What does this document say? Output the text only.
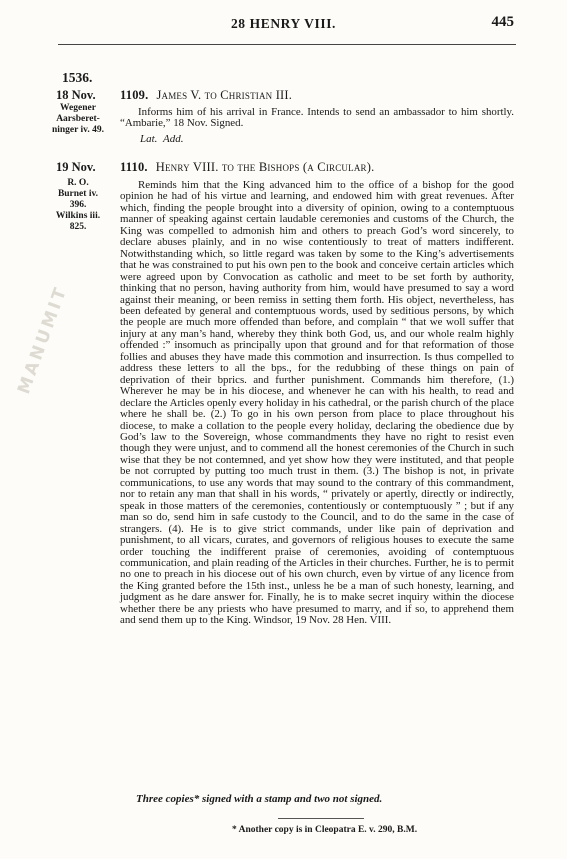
28 HENRY VIII.	445
1536.
18 Nov.
Wegener
Aarsberet-
ninger iv. 49.
1109. James V. to Christian III.

Informs him of his arrival in France. Intends to send an ambassador to him shortly. “Ambarie,” 18 Nov. Signed.

Lat. Add.
19 Nov.
R. O.
Burnet iv.
396.
Wilkins iii.
825.
1110. Henry VIII. to the Bishops (a Circular).

Reminds him that the King advanced him to the office of a bishop for the good opinion he had of his virtue and learning, and endowed him with great revenues. After which, finding the people brought into a diversity of opinion, owing to a contemptuous manner of speaking against certain laudable ceremonies and customs of the Church, the King was compelled to admonish him and others to preach God’s word sincerely, to declare abuses plainly, and in no wise contentiously to treat of matters indifferent. Notwithstanding which, so little regard was taken by some to the King’s advertisements that he was constrained to put his own pen to the book and conceive certain articles which were agreed upon by Convocation as catholic and meet to be set forth by authority, thinking that no person, having authority from him, would have presumed to say a word against their meaning, or been remiss in setting them forth. His object, nevertheless, has been defeated by general and contemptuous words, used by seditious persons, by which the people are much more offended than before, and complain “ that we woll suffer that injury at any man’s hand, whereby they think both God, us, and our whole realm highly offended :” insomuch as principally upon that ground and for that reformation of those follies and abuses they have made this commotion and insurrection. Is thus compelled to address these letters to all the bps., for the redubbing of these things on pain of deprivation of their bprics. and further punishment. Commands him therefore, (1.) Wherever he may be in his diocese, and whenever he can with his health, to read and declare the Articles openly every holiday in his cathedral, or the parish church of the place where he shall be. (2.) To go in his own person from place to place throughout his diocese, to make a collation to the people every holiday, declaring the obedience due by God’s law to the Sovereign, whose commandments they have no right to resist even though they were unjust, and to commend all the honest ceremonies of the Church in such wise that they be not contemned, and yet show how they were instituted, and that people be not corrupted by putting too much trust in them. (3.) The bishop is not, in private communications, to use any words that may sound to the contrary of this commandment, nor to retain any man that shall in his words, “ privately or apertly, directly or indirectly, speak in those matters of the ceremonies, contentiously or contemptuously ” ; but if any man so do, send him in safe custody to the Council, and to do the same in the case of strangers. (4). He is to give strict commands, under like pain of deprivation and punishment, to all vicars, curates, and governors of religious houses to execute the same order touching the indifferent praise of ceremonies, avoiding of contemptuous communication, and plain reading of the Articles in their churches. Further, he is to permit no one to preach in his diocese out of his own church, even by virtue of any licence from the King granted before the 15th inst., unless he be a man of such honesty, learning, and judgment as he dare answer for. Finally, he is to make secret inquiry within the diocese whether there be any priests who have presumed to marry, and if so, to apprehend them and send them up to the King. Windsor, 19 Nov. 28 Hen. VIII.

Three copies* signed with a stamp and two not signed.
* Another copy is in Cleopatra E. v. 290, B.M.
MANUMIT
